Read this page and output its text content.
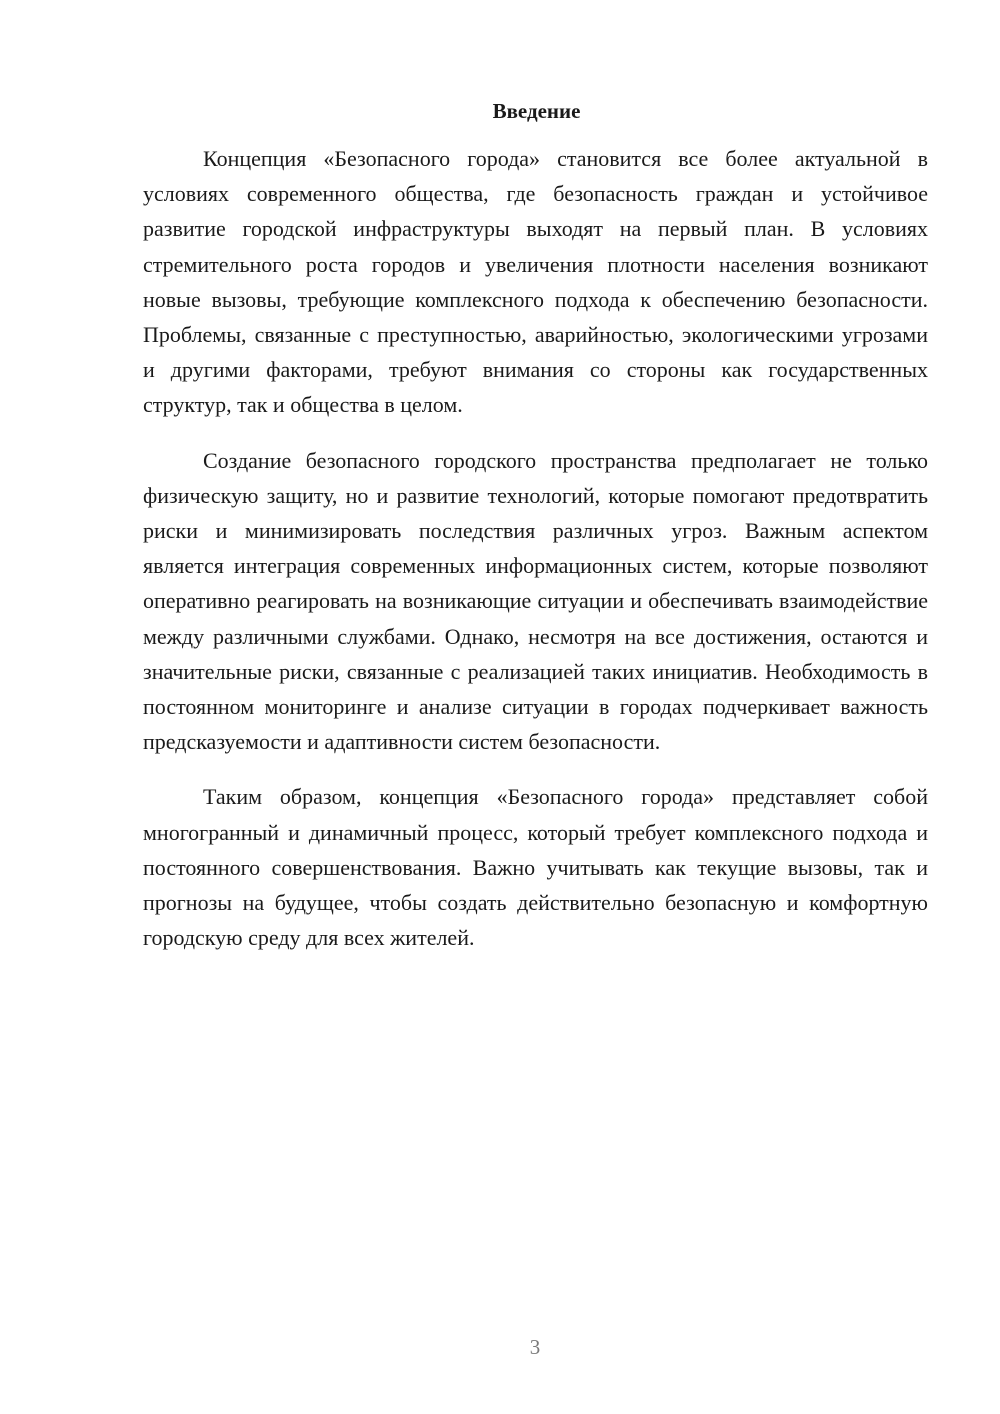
Введение

Концепция «Безопасного города» становится все более актуальной в условиях современного общества, где безопасность граждан и устойчивое развитие городской инфраструктуры выходят на первый план. В условиях стремительного роста городов и увеличения плотности населения возникают новые вызовы, требующие комплексного подхода к обеспечению безопасности. Проблемы, связанные с преступностью, аварийностью, экологическими угрозами и другими факторами, требуют внимания со стороны как государственных структур, так и общества в целом.

Создание безопасного городского пространства предполагает не только физическую защиту, но и развитие технологий, которые помогают предотвратить риски и минимизировать последствия различных угроз. Важным аспектом является интеграция современных информационных систем, которые позволяют оперативно реагировать на возникающие ситуации и обеспечивать взаимодействие между различными службами. Однако, несмотря на все достижения, остаются и значительные риски, связанные с реализацией таких инициатив. Необходимость в постоянном мониторинге и анализе ситуации в городах подчеркивает важность предсказуемости и адаптивности систем безопасности.

Таким образом, концепция «Безопасного города» представляет собой многогранный и динамичный процесс, который требует комплексного подхода и постоянного совершенствования. Важно учитывать как текущие вызовы, так и прогнозы на будущее, чтобы создать действительно безопасную и комфортную городскую среду для всех жителей.

3
